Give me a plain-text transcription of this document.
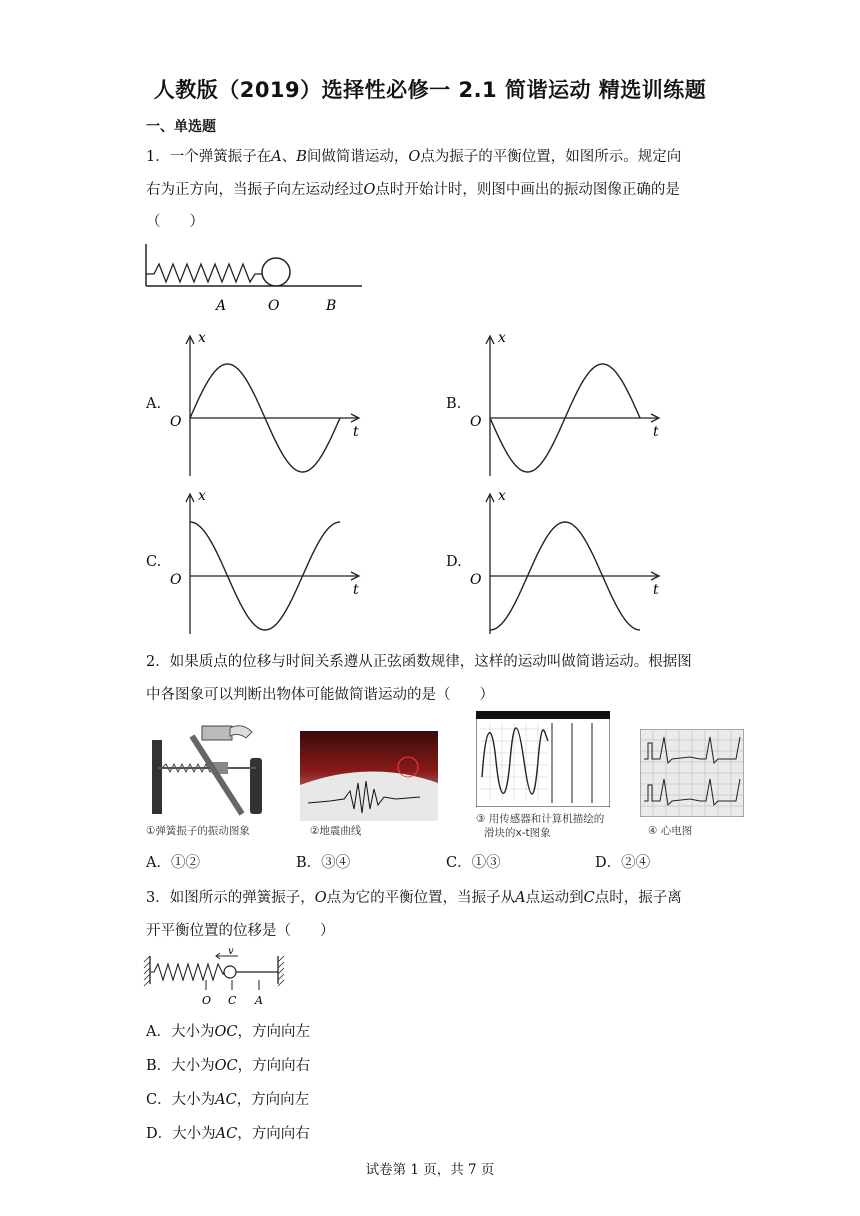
人教版（2019）选择性必修一 2.1 简谐运动 精选训练题
一、单选题
1．一个弹簧振子在A、B间做简谐运动，O点为振子的平衡位置，如图所示。规定向
右为正方向，当振子向左运动经过O点时开始计时，则图中画出的振动图像正确的是
（　　）
A	O	B
A.	B.
C.	D.
O
x
t
O
x
t
O
x
t
O
x
t
2．如果质点的位移与时间关系遵从正弦函数规律，这样的运动叫做简谐运动。根据图
中各图象可以判断出物体可能做简谐运动的是（　　）
①弹簧振子的振动图象	②地震曲线
③ 用传感器和计算机描绘的
滑块的x-t图象	④ 心电图
A．①②	B．③④	C．①③	D．②④
3．如图所示的弹簧振子，O点为它的平衡位置，当振子从A点运动到C点时，振子离
开平衡位置的位移是（　　）
v
O C A
A．大小为OC，方向向左
B．大小为OC，方向向右
C．大小为AC，方向向左
D．大小为AC，方向向右
试卷第 1 页，共 7 页
